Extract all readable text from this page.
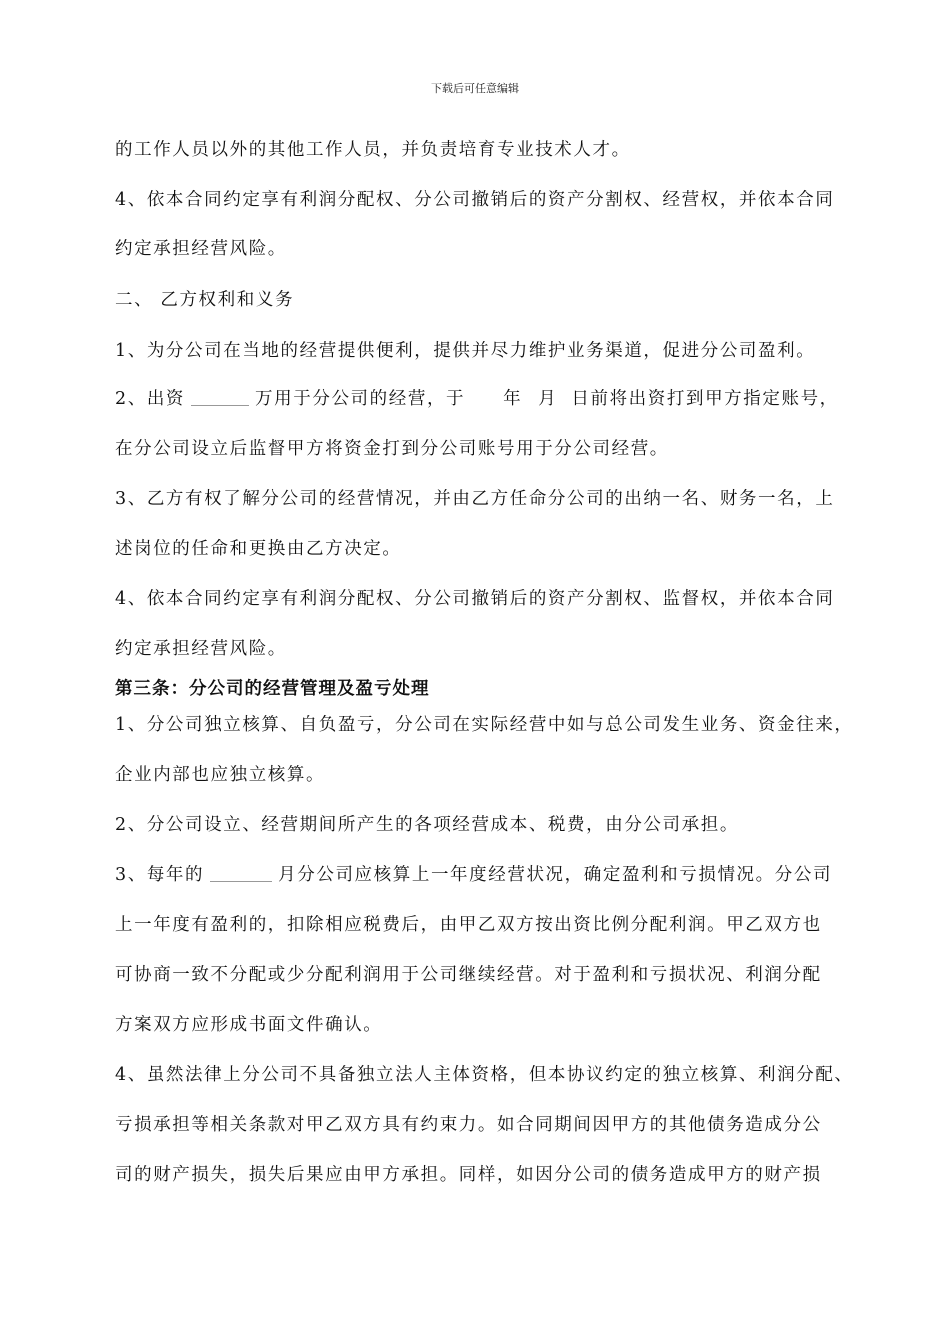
下载后可任意编辑
的工作人员以外的其他工作人员，并负责培育专业技术人才。
4、依本合同约定享有利润分配权、分公司撤销后的资产分割权、经营权，并依本合同
约定承担经营风险。
二、 乙方权利和义务
1、为分公司在当地的经营提供便利，提供并尽力维护业务渠道，促进分公司盈利。
2、出资	万用于分公司的经营，于 年 月 日前将出资打到甲方指定账号，
在分公司设立后监督甲方将资金打到分公司账号用于分公司经营。
3、乙方有权了解分公司的经营情况，并由乙方任命分公司的出纳一名、财务一名，上
述岗位的任命和更换由乙方决定。
4、依本合同约定享有利润分配权、分公司撤销后的资产分割权、监督权，并依本合同
约定承担经营风险。
第三条：分公司的经营管理及盈亏处理
1、分公司独立核算、自负盈亏，分公司在实际经营中如与总公司发生业务、资金往来，
企业内部也应独立核算。
2、分公司设立、经营期间所产生的各项经营成本、税费，由分公司承担。
3、每年的	月分公司应核算上一年度经营状况，确定盈利和亏损情况。分公司
上一年度有盈利的，扣除相应税费后，由甲乙双方按出资比例分配利润。甲乙双方也
可协商一致不分配或少分配利润用于公司继续经营。对于盈利和亏损状况、利润分配
方案双方应形成书面文件确认。
4、虽然法律上分公司不具备独立法人主体资格，但本协议约定的独立核算、利润分配、
亏损承担等相关条款对甲乙双方具有约束力。如合同期间因甲方的其他债务造成分公
司的财产损失，损失后果应由甲方承担。同样，如因分公司的债务造成甲方的财产损
